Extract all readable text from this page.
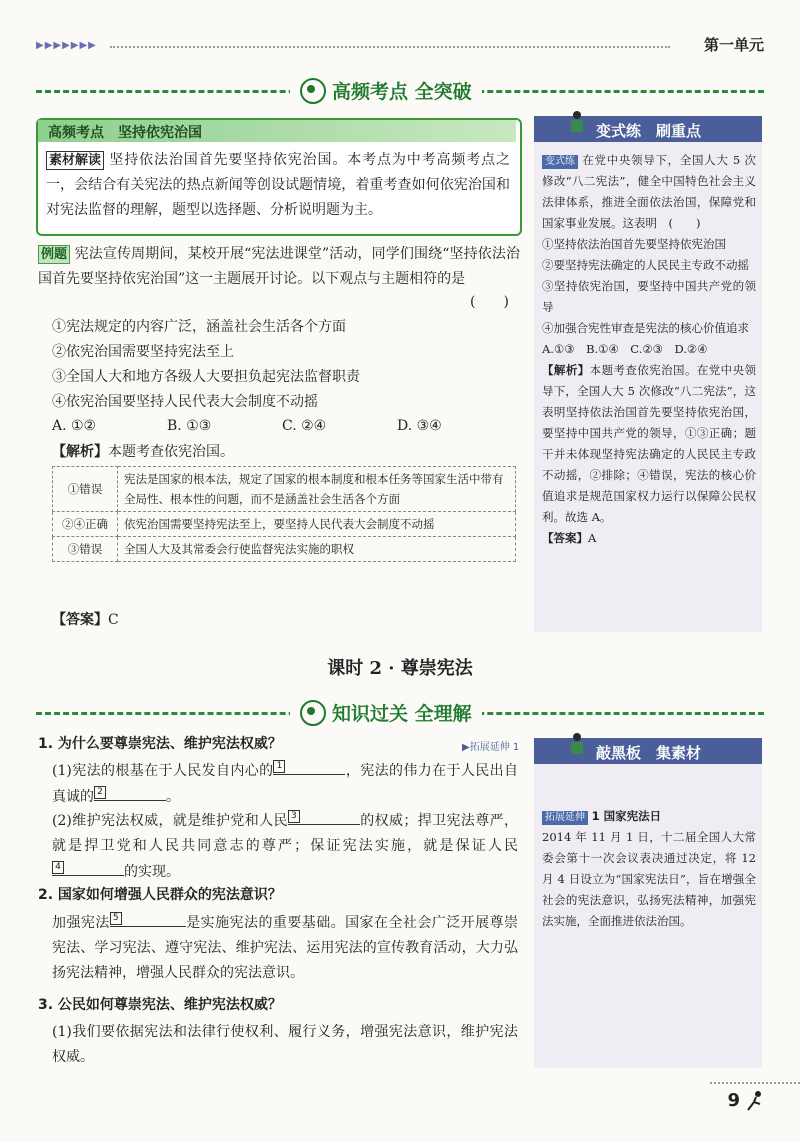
▶▶▶▶▶▶▶	第一单元
高频考点 全突破
高频考点　坚持依宪治国
素材解读 坚持依法治国首先要坚持依宪治国。本考点为中考高频考点之一，会结合有关宪法的热点新闻等创设试题情境，着重考查如何依宪治国和对宪法监督的理解，题型以选择题、分析说明题为主。
例题 宪法宣传周期间，某校开展“宪法进课堂”活动，同学们围绕“坚持依法治国首先要坚持依宪治国”这一主题展开讨论。以下观点与主题相符的是
(　　)
①宪法规定的内容广泛，涵盖社会生活各个方面
②依宪治国需要坚持宪法至上
③全国人大和地方各级人大要担负起宪法监督职责
④依宪治国要坚持人民代表大会制度不动摇
A. ①②	B. ①③	C. ②④	D. ③④
【解析】本题考查依宪治国。
①错误	宪法是国家的根本法，规定了国家的根本制度和根本任务等国家生活中带有全局性、根本性的问题，而不是涵盖社会生活各个方面
②④正确	依宪治国需要坚持宪法至上，要坚持人民代表大会制度不动摇
③错误	全国人大及其常委会行使监督宪法实施的职权
【答案】C
变式练　刷重点
变式练 在党中央领导下，全国人大 5 次修改“八二宪法”，健全中国特色社会主义法律体系，推进全面依法治国，保障党和国家事业发展。这表明　(　　)
①坚持依法治国首先要坚持依宪治国
②要坚持宪法确定的人民民主专政不动摇
③坚持依宪治国，要坚持中国共产党的领导
④加强合宪性审查是宪法的核心价值追求
A.①③　B.①④　C.②③　D.②④
【解析】本题考查依宪治国。在党中央领导下，全国人大 5 次修改“八二宪法”，这表明坚持依法治国首先要坚持依宪治国，要坚持中国共产党的领导，①③正确；题干并未体现坚持宪法确定的人民民主专政不动摇，②排除；④错误，宪法的核心价值追求是规范国家权力运行以保障公民权利。故选 A。
【答案】A
课时 2 · 尊崇宪法
知识过关 全理解
1. 为什么要尊崇宪法、维护宪法权威？	▶拓展延伸 1
(1)宪法的根基在于人民发自内心的 1	，宪法的伟力在于人民出自真诚的 2	。
(2)维护宪法权威，就是维护党和人民 3	的权威；捍卫宪法尊严，就是捍卫党和人民共同意志的尊严；保证宪法实施，就是保证人民
4	的实现。
2. 国家如何增强人民群众的宪法意识？
加强宪法 5	是实施宪法的重要基础。国家在全社会广泛开展尊崇宪法、学习宪法、遵守宪法、维护宪法、运用宪法的宣传教育活动，大力弘扬宪法精神，增强人民群众的宪法意识。
3. 公民如何尊崇宪法、维护宪法权威？
(1)我们要依据宪法和法律行使权利、履行义务，增强宪法意识，维护宪法权威。
敲黑板　集素材
拓展延伸 1 国家宪法日
2014 年 11 月 1 日，十二届全国人大常委会第十一次会议表决通过决定，将 12 月 4 日设立为“国家宪法日”，旨在增强全社会的宪法意识，弘扬宪法精神，加强宪法实施，全面推进依法治国。
9
